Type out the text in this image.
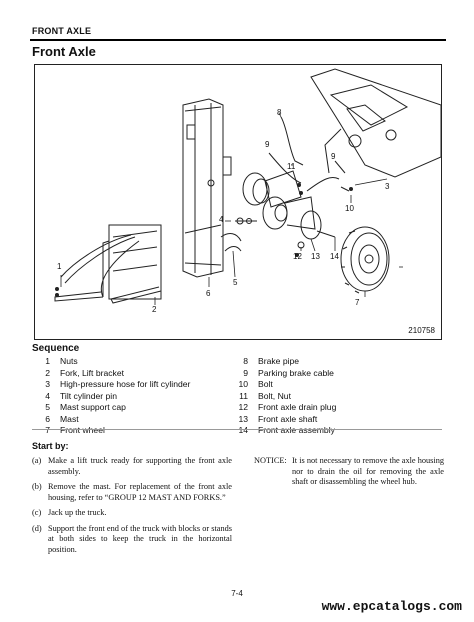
FRONT AXLE
Front Axle
1
2
3
4
5
6
7
8
9
9
10
11
12 13 14
210758
Sequence
1	Nuts
2	Fork, Lift bracket
3	High-pressure hose for lift cylinder
4	Tilt cylinder pin
5	Mast support cap
6	Mast
7	Front wheel
8	Brake pipe
9	Parking brake cable
10	Bolt
11	Bolt, Nut
12	Front axle drain plug
13	Front axle shaft
14	Front axle assembly
Start by:
(a) Make a lift truck ready for supporting the front axle assembly.
(b) Remove the mast. For replacement of the front axle housing, refer to “GROUP 12 MAST AND FORKS.”
(c) Jack up the truck.
(d) Support the front end of the truck with blocks or stands at both sides to keep the truck in the horizontal position.
NOTICE: It is not necessary to remove the axle housing nor to drain the oil for removing the axle shaft or disassembling the wheel hub.
7-4
www.epcatalogs.com
